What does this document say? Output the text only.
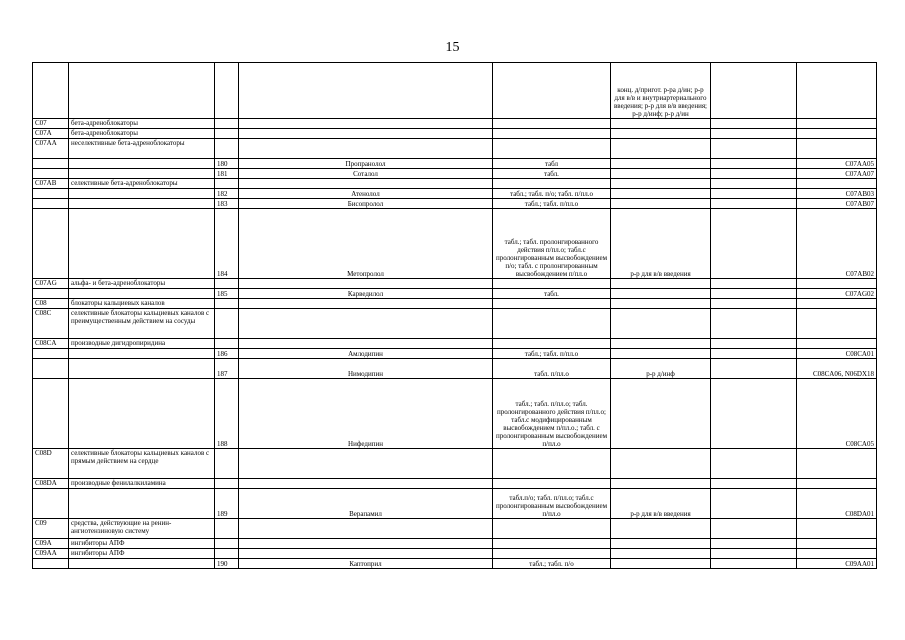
15
					конц. д/пригот. р-ра д/ин; р-р для в/в и внутриартериального введения; р-р для в/в введения; р-р д/инф; р-р д/ин		
C07	бета-адреноблокаторы						
C07A	бета-адреноблокаторы						
C07AA	неселективные бета-адреноблокаторы						
		180	Пропранолол	табл			C07AA05
		181	Соталол	табл.			C07AA07
C07AB	селективные бета-адреноблокаторы						
		182	Атенолол	табл.; табл. п/о; табл. п/пл.о			C07AB03
		183	Бисопролол	табл.; табл. п/пл.о			C07AB07
		184	Метопролол	табл.; табл. пролонгированного действия п/пл.о; табл.с пролонгированным высвобождением п/о; табл. с пролонгированным высвобождением п/пл.о	р-р для в/в введения		C07AB02
C07AG	альфа- и бета-адреноблокаторы						
		185	Карведилол	табл.			C07AG02
C08	блокаторы кальциевых каналов						
C08C	селективные блокаторы кальциевых каналов с преимущественным действием на сосуды						
C08CA	производные дигидропиридина						
		186	Амлодипин	табл.; табл. п/пл.о			C08CA01
		187	Нимодипин	табл. п/пл.о	р-р д/инф		C08CA06, N06DX18
		188	Нифедипин	табл.; табл. п/пл.о; табл. пролонгированного действия п/пл.о; табл.с модифицированным высвобождением п/пл.о.; табл. с пролонгированным высвобождением п/пл.о			C08CA05
C08D	селективные блокаторы кальциевых каналов с прямым действием на сердце						
C08DA	производные фенилалкиламина						
		189	Верапамил	табл.п/о; табл. п/пл.о; табл.с пролонгированным высвобождением п/пл.о	р-р для в/в введения		C08DA01
C09	средства, действующие на ренин-ангиотензиновую систему						
C09A	ингибиторы АПФ						
C09AA	ингибиторы АПФ						
		190	Каптоприл	табл.; табл. п/о			C09AA01
